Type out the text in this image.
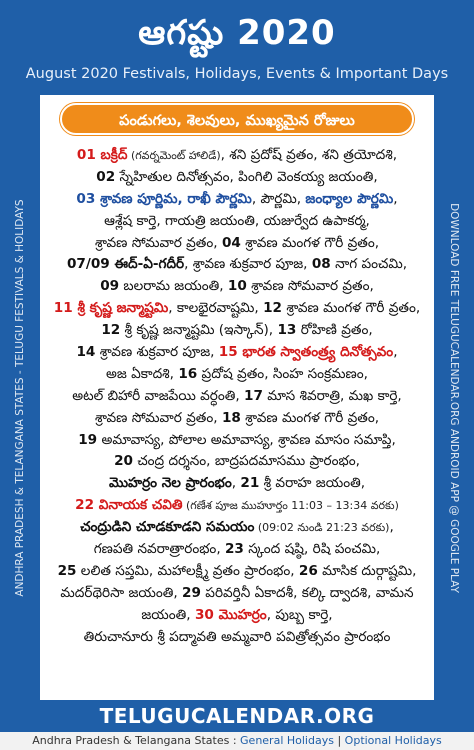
ఆగష్టు 2020
August 2020 Festivals, Holidays, Events & Important Days
ANDHRA PRADESH & TELANGANA STATES - TELUGU FESTIVALS & HOLIDAYS	DOWNLOAD FREE TELUGUCALENDAR.ORG ANDROID APP @ GOOGLE PLAY
పండుగలు, శెలవులు, ముఖ్యమైన రోజులు
01 బక్రీద్ (గవర్నమెంట్ హాలిడే), శని ప్రదోష్ వ్రతం, శని త్రయోదశి,
02 స్నేహితుల దినోత్సవం, పింగిలి వెంకయ్య జయంతి,
03 శ్రావణ పూర్ణిమ, రాఖీ పౌర్ణమి, పౌర్ణమి, జంధ్యాల పౌర్ణమి,
ఆశ్లేష కార్తె, గాయత్రి జయంతి, యజుర్వేద ఉపాకర్మ,
శ్రావణ సోమవార వ్రతం, 04 శ్రావణ మంగళ గౌరీ వ్రతం,
07/09 ఈద్-ఏ-గదీర్, శ్రావణ శుక్రవార పూజ, 08 నాగ పంచమి,
09 బలరామ జయంతి, 10 శ్రావణ సోమవార వ్రతం,
11 శ్రీ కృష్ణ జన్మాష్టమి, కాలభైరవాష్టమి, 12 శ్రావణ మంగళ గౌరీ వ్రతం,
12 శ్రీ కృష్ణ జన్మాష్టమి (ఇస్కాన్), 13 రోహిణి వ్రతం,
14 శ్రావణ శుక్రవార పూజ, 15 భారత స్వాతంత్ర్య దినోత్సవం,
అజ ఏకాదశి, 16 ప్రదోష వ్రతం, సింహ సంక్రమణం,
అటల్ బిహారీ వాజపేయి వర్ధంతి, 17 మాస శివరాత్రి, మఖ కార్తె,
శ్రావణ సోమవార వ్రతం, 18 శ్రావణ మంగళ గౌరీ వ్రతం,
19 అమావాస్య, పోలాల అమావాస్య, శ్రావణ మాసం సమాప్తి,
20 చంద్ర దర్శనం, బాద్రపదమాసము ప్రారంభం,
మొహర్రం నెల ప్రారంభం, 21 శ్రీ వరాహ జయంతి,
22 వినాయక చవితి (గణేశ పూజ ముహూర్తం 11:03 – 13:34 వరకు)
చంద్రుడిని చూడకూడని సమయం (09:02 నుండి 21:23 వరకు),
గణపతి నవరాత్రారంభం, 23 స్కంద షష్ఠి, రిషి పంచమి,
25 లలిత సప్తమి, మహాలక్ష్మీ వ్రతం ప్రారంభం, 26 మాసిక దుర్గాష్టమి,
మదర్‌థెరిసా జయంతి, 29 పరివర్తినీ ఏకాదశీ, కల్కి ద్వాదశి, వామన
జయంతి, 30 మొహర్రం, పుబ్బ కార్తె,
తిరుచానూరు శ్రీ పద్మావతి అమ్మవారి పవిత్రోత్సవం ప్రారంభం
TELUGUCALENDAR.ORG
Andhra Pradesh & Telangana States : General Holidays | Optional Holidays
